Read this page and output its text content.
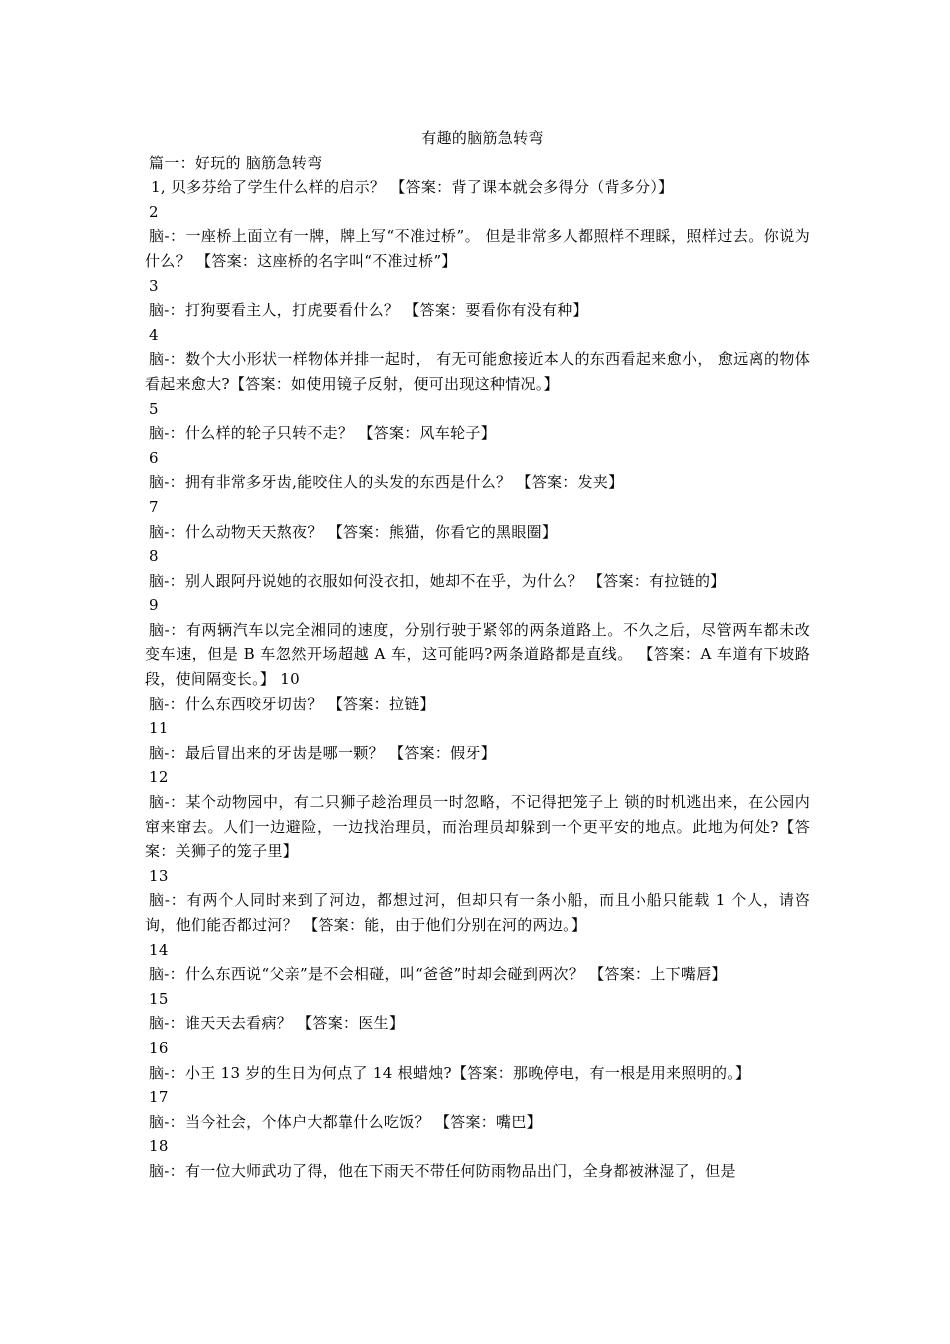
有趣的脑筋急转弯

篇一：好玩的 脑筋急转弯

1, 贝多芬给了学生什么样的启示？ 【答案：背了课本就会多得分（背多分）】

2
脑-：一座桥上面立有一牌，牌上写“不准过桥”。 但是非常多人都照样不理睬，照样过去。你说为什么？ 【答案：这座桥的名字叫“不准过桥”】
3
脑-：打狗要看主人，打虎要看什么？ 【答案：要看你有没有种】
4
脑-：数个大小形状一样物体并排一起时， 有无可能愈接近本人的东西看起来愈小， 愈远离的物体看起来愈大?【答案：如使用镜子反射，便可出现这种情况。】
5
脑-：什么样的轮子只转不走？ 【答案：风车轮子】
6
脑-：拥有非常多牙齿,能咬住人的头发的东西是什么？ 【答案：发夹】
7
脑-：什么动物天天熬夜？ 【答案：熊猫，你看它的黑眼圈】
8
脑-：别人跟阿丹说她的衣服如何没衣扣，她却不在乎，为什么？ 【答案：有拉链的】
9
脑-：有两辆汽车以完全湘同的速度，分别行驶于紧邻的两条道路上。不久之后，尽管两车都未改变车速，但是 B 车忽然开场超越 A 车，这可能吗?两条道路都是直线。 【答案：A 车道有下坡路段，使间隔变长。】 10
脑-：什么东西咬牙切齿？ 【答案：拉链】
11
脑-：最后冒出来的牙齿是哪一颗？ 【答案：假牙】
12
脑-：某个动物园中，有二只狮子趁治理员一时忽略，不记得把笼子上 锁的时机逃出来，在公园内窜来窜去。人们一边避险，一边找治理员，而治理员却躲到一个更平安的地点。此地为何处?【答案：关狮子的笼子里】
13
脑-：有两个人同时来到了河边，都想过河，但却只有一条小船，而且小船只能载 1 个人，请咨询，他们能否都过河？ 【答案：能，由于他们分别在河的两边。】
14
脑-：什么东西说“父亲”是不会相碰，叫“爸爸”时却会碰到两次？ 【答案：上下嘴唇】
15
脑-：谁天天去看病？ 【答案：医生】
16
脑-：小王 13 岁的生日为何点了 14 根蜡烛?【答案：那晚停电，有一根是用来照明的。】
17
脑-：当今社会，个体户大都靠什么吃饭？ 【答案：嘴巴】
18
脑-：有一位大师武功了得，他在下雨天不带任何防雨物品出门，全身都被淋湿了，但是
